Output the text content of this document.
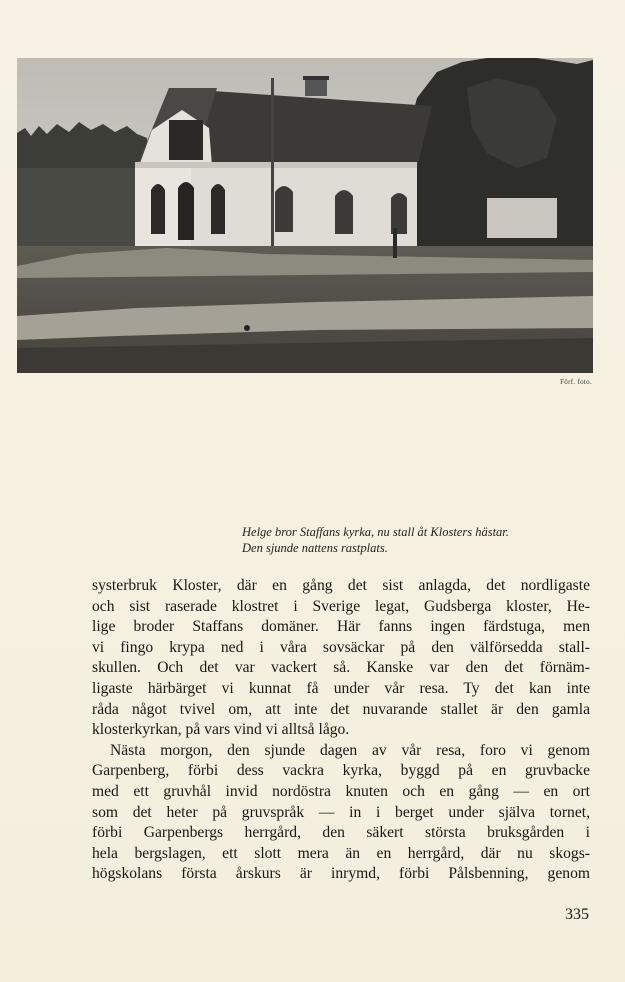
Förf. foto.
Helge bror Staffans kyrka, nu stall åt Klosters hästar.
Den sjunde nattens rastplats.
systerbruk Kloster, där en gång det sist anlagda, det nordligaste
och sist raserade klostret i Sverige legat, Gudsberga kloster, He-
lige broder Staffans domäner. Här fanns ingen färdstuga, men
vi fingo krypa ned i våra sovsäckar på den välförsedda stall-
skullen. Och det var vackert så. Kanske var den det förnäm-
ligaste härbärget vi kunnat få under vår resa. Ty det kan inte
råda något tvivel om, att inte det nuvarande stallet är den gamla
klosterkyrkan, på vars vind vi alltså lågo.
Nästa morgon, den sjunde dagen av vår resa, foro vi genom
Garpenberg, förbi dess vackra kyrka, byggd på en gruvbacke
med ett gruvhål invid nordöstra knuten och en gång — en ort
som det heter på gruvspråk — in i berget under själva tornet,
förbi Garpenbergs herrgård, den säkert största bruksgården i
hela bergslagen, ett slott mera än en herrgård, där nu skogs-
högskolans första årskurs är inrymd, förbi Pålsbenning, genom
335
